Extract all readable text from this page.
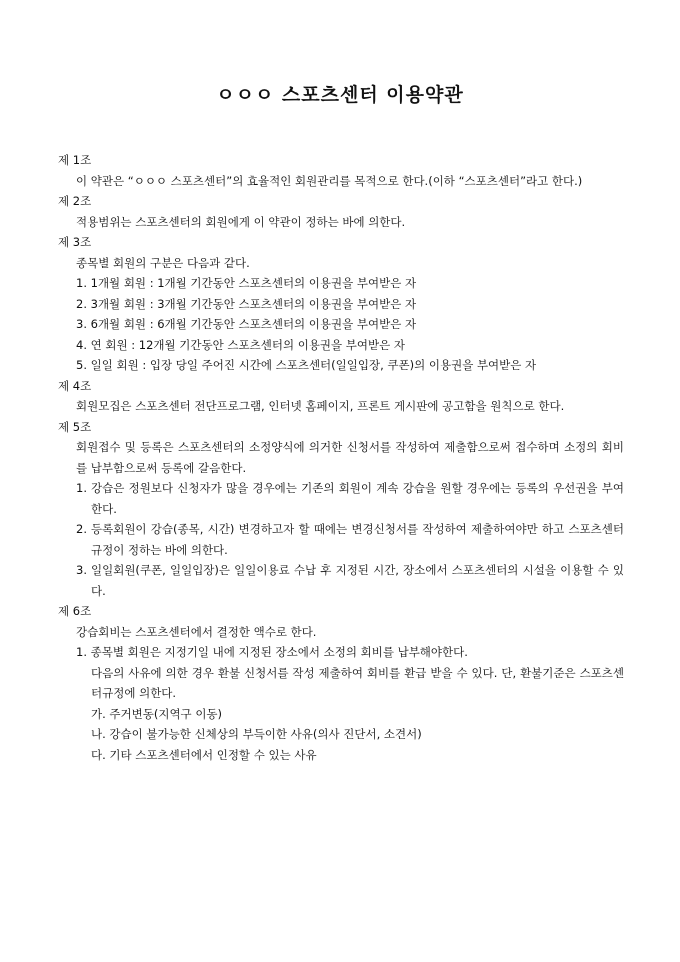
ㅇㅇㅇ 스포츠센터 이용약관
제 1조
이 약관은 “ㅇㅇㅇ 스포츠센터”의 효율적인 회원관리를 목적으로 한다.(이하 “스포츠센터”라고 한다.)
제 2조
적용범위는 스포츠센터의 회원에게 이 약관이 정하는 바에 의한다.
제 3조
종목별 회원의 구분은 다음과 같다.
1. 1개월 회원 : 1개월 기간동안 스포츠센터의 이용권을 부여받은 자
2. 3개월 회원 : 3개월 기간동안 스포츠센터의 이용권을 부여받은 자
3. 6개월 회원 : 6개월 기간동안 스포츠센터의 이용권을 부여받은 자
4. 연 회원 : 12개월 기간동안 스포츠센터의 이용권을 부여받은 자
5. 일일 회원 : 입장 당일 주어진 시간에 스포츠센터(일일입장, 쿠폰)의 이용권을 부여받은 자
제 4조
회원모집은 스포츠센터 전단프로그램, 인터넷 홈페이지, 프론트 게시판에 공고함을 원칙으로 한다.
제 5조
회원접수 및 등록은 스포츠센터의 소정양식에 의거한 신청서를 작성하여 제출함으로써 접수하며 소정의 회비를 납부함으로써 등록에 갈음한다.
1. 강습은 정원보다 신청자가 많을 경우에는 기존의 회원이 계속 강습을 원할 경우에는 등록의 우선권을 부여한다.
2. 등록회원이 강습(종목, 시간) 변경하고자 할 때에는 변경신청서를 작성하여 제출하여야만 하고 스포츠센터 규정이 정하는 바에 의한다.
3. 일일회원(쿠폰, 일일입장)은 일일이용료 수납 후 지정된 시간, 장소에서 스포츠센터의 시설을 이용할 수 있다.
제 6조
강습회비는 스포츠센터에서 결정한 액수로 한다.
1. 종목별 회원은 지정기일 내에 지정된 장소에서 소정의 회비를 납부해야한다.
다음의 사유에 의한 경우 환불 신청서를 작성 제출하여 회비를 환급 받을 수 있다. 단, 환불기준은 스포츠센터규정에 의한다.
가. 주거변동(지역구 이동)
나. 강습이 불가능한 신체상의 부득이한 사유(의사 진단서, 소견서)
다. 기타 스포츠센터에서 인정할 수 있는 사유
